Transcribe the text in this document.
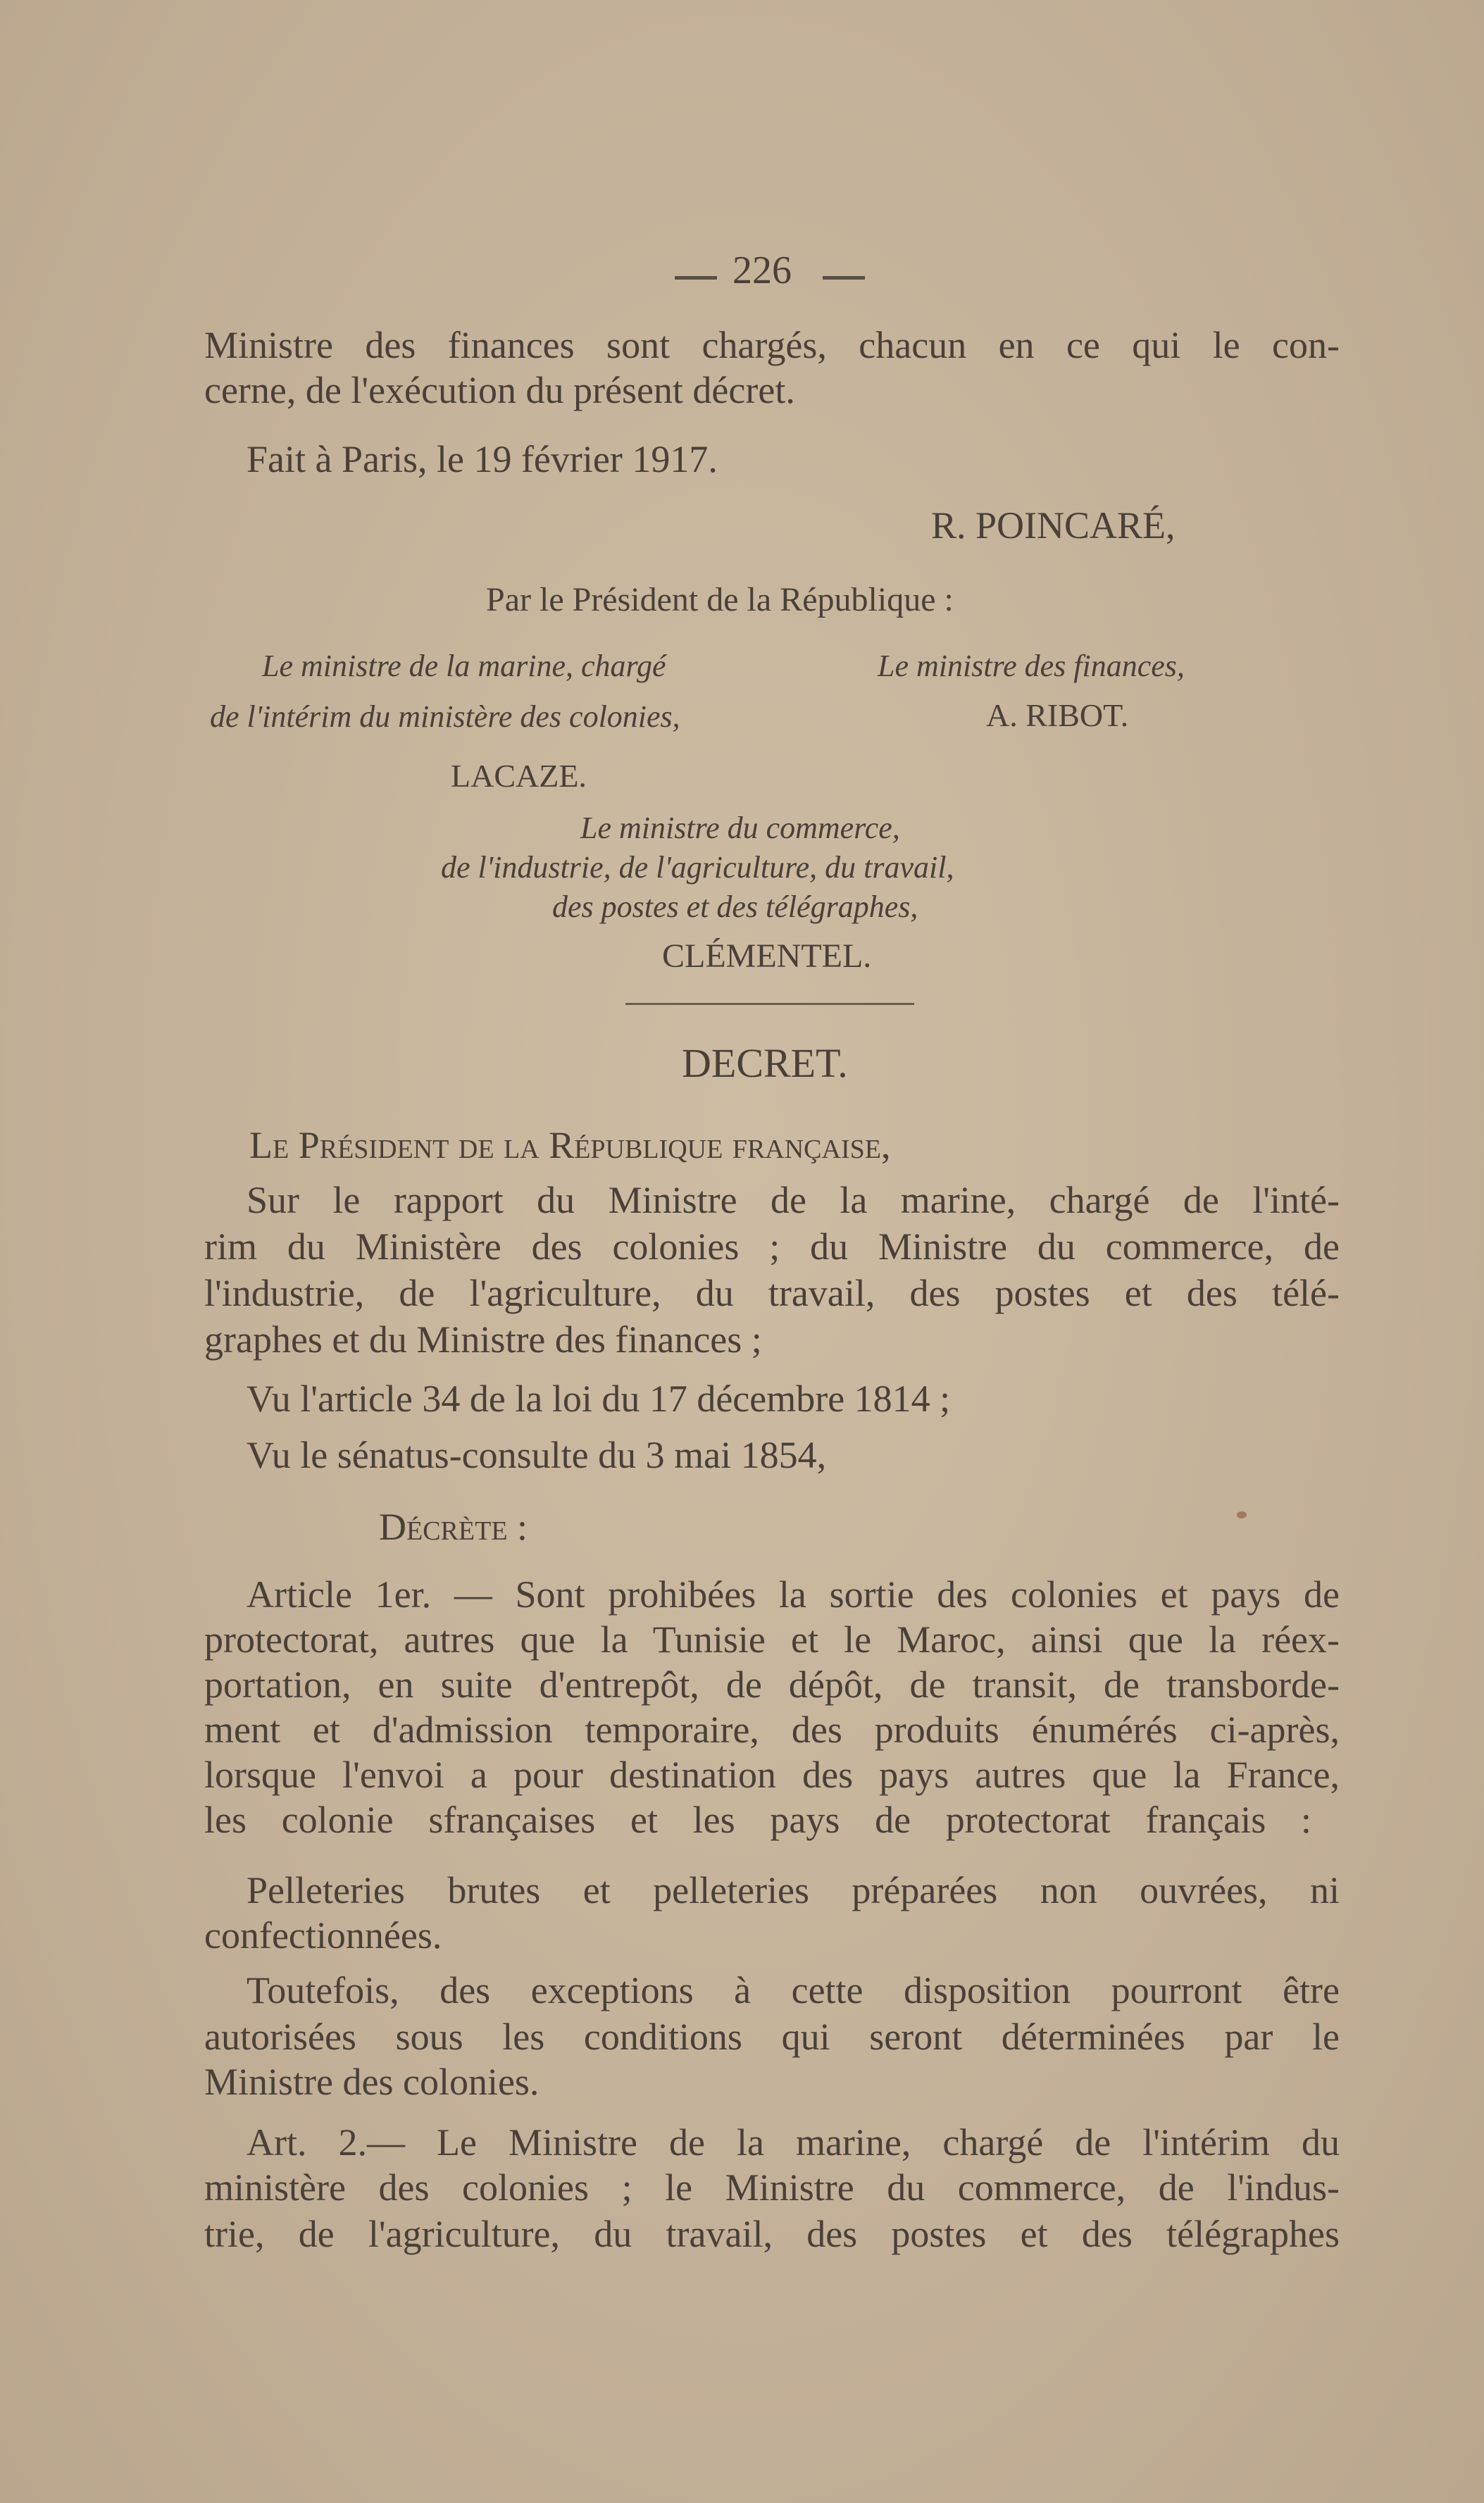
226
Ministre des finances sont chargés, chacun en ce qui le con-
cerne, de l'exécution du présent décret.
Fait à Paris, le 19 février 1917.
R. POINCARÉ,
Par le Président de la République :
Le ministre de la marine, chargé	Le ministre des finances,
de l'intérim du ministère des colonies,	A. RIBOT.
LACAZE.
Le ministre du commerce,
de l'industrie, de l'agriculture, du travail,
des postes et des télégraphes,
CLÉMENTEL.
DECRET.
Le Président de la République française,
Sur le rapport du Ministre de la marine, chargé de l'inté-
rim du Ministère des colonies ; du Ministre du commerce, de
l'industrie, de l'agriculture, du travail, des postes et des télé-
graphes et du Ministre des finances ;
Vu l'article 34 de la loi du 17 décembre 1814 ;
Vu le sénatus-consulte du 3 mai 1854,
Décrète :
Article 1er. — Sont prohibées la sortie des colonies et pays de
protectorat, autres que la Tunisie et le Maroc, ainsi que la réex-
portation, en suite d'entrepôt, de dépôt, de transit, de transborde-
ment et d'admission temporaire, des produits énumérés ci-après,
lorsque l'envoi a pour destination des pays autres que la France,
les colonie sfrançaises et les pays de protectorat français :
Pelleteries brutes et pelleteries préparées non ouvrées, ni
confectionnées.
Toutefois, des exceptions à cette disposition pourront être
autorisées sous les conditions qui seront déterminées par le
Ministre des colonies.
Art. 2.— Le Ministre de la marine, chargé de l'intérim du
ministère des colonies ; le Ministre du commerce, de l'indus-
trie, de l'agriculture, du travail, des postes et des télégraphes
